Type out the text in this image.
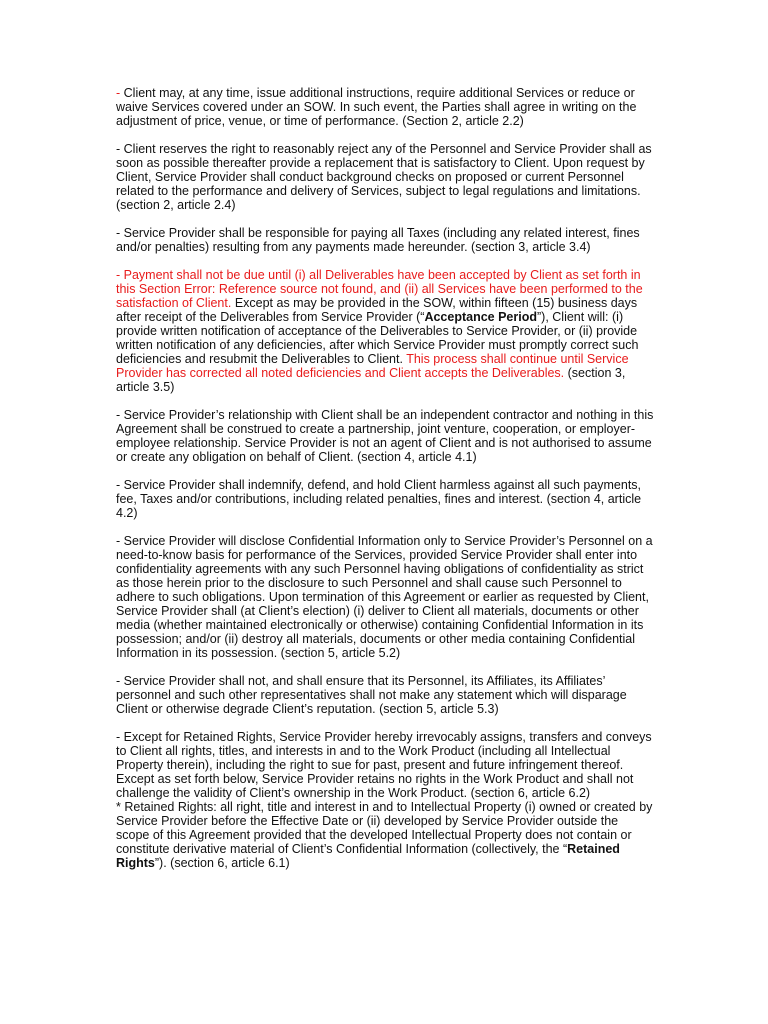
- Client may, at any time, issue additional instructions, require additional Services or reduce or waive Services covered under an SOW. In such event, the Parties shall agree in writing on the adjustment of price, venue, or time of performance. (Section 2, article 2.2)

- Client reserves the right to reasonably reject any of the Personnel and Service Provider shall as soon as possible thereafter provide a replacement that is satisfactory to Client. Upon request by Client, Service Provider shall conduct background checks on proposed or current Personnel related to the performance and delivery of Services, subject to legal regulations and limitations. (section 2, article 2.4)

- Service Provider shall be responsible for paying all Taxes (including any related interest, fines and/or penalties) resulting from any payments made hereunder. (section 3, article 3.4)

- Payment shall not be due until (i) all Deliverables have been accepted by Client as set forth in this Section Error: Reference source not found, and (ii) all Services have been performed to the satisfaction of Client. Except as may be provided in the SOW, within fifteen (15) business days after receipt of the Deliverables from Service Provider (“Acceptance Period”), Client will: (i) provide written notification of acceptance of the Deliverables to Service Provider, or (ii) provide written notification of any deficiencies, after which Service Provider must promptly correct such deficiencies and resubmit the Deliverables to Client. This process shall continue until Service Provider has corrected all noted deficiencies and Client accepts the Deliverables. (section 3, article 3.5)

- Service Provider’s relationship with Client shall be an independent contractor and nothing in this Agreement shall be construed to create a partnership, joint venture, cooperation, or employer-employee relationship. Service Provider is not an agent of Client and is not authorised to assume or create any obligation on behalf of Client. (section 4, article 4.1)

- Service Provider shall indemnify, defend, and hold Client harmless against all such payments, fee, Taxes and/or contributions, including related penalties, fines and interest. (section 4, article 4.2)

- Service Provider will disclose Confidential Information only to Service Provider’s Personnel on a need-to-know basis for performance of the Services, provided Service Provider shall enter into confidentiality agreements with any such Personnel having obligations of confidentiality as strict as those herein prior to the disclosure to such Personnel and shall cause such Personnel to adhere to such obligations. Upon termination of this Agreement or earlier as requested by Client, Service Provider shall (at Client’s election) (i) deliver to Client all materials, documents or other media (whether maintained electronically or otherwise) containing Confidential Information in its possession; and/or (ii) destroy all materials, documents or other media containing Confidential Information in its possession. (section 5, article 5.2)

- Service Provider shall not, and shall ensure that its Personnel, its Affiliates, its Affiliates’ personnel and such other representatives shall not make any statement which will disparage Client or otherwise degrade Client’s reputation. (section 5, article 5.3)

- Except for Retained Rights, Service Provider hereby irrevocably assigns, transfers and conveys to Client all rights, titles, and interests in and to the Work Product (including all Intellectual Property therein), including the right to sue for past, present and future infringement thereof. Except as set forth below, Service Provider retains no rights in the Work Product and shall not challenge the validity of Client’s ownership in the Work Product. (section 6, article 6.2)

* Retained Rights: all right, title and interest in and to Intellectual Property (i) owned or created by Service Provider before the Effective Date or (ii) developed by Service Provider outside the scope of this Agreement provided that the developed Intellectual Property does not contain or constitute derivative material of Client’s Confidential Information (collectively, the “Retained Rights”). (section 6, article 6.1)
